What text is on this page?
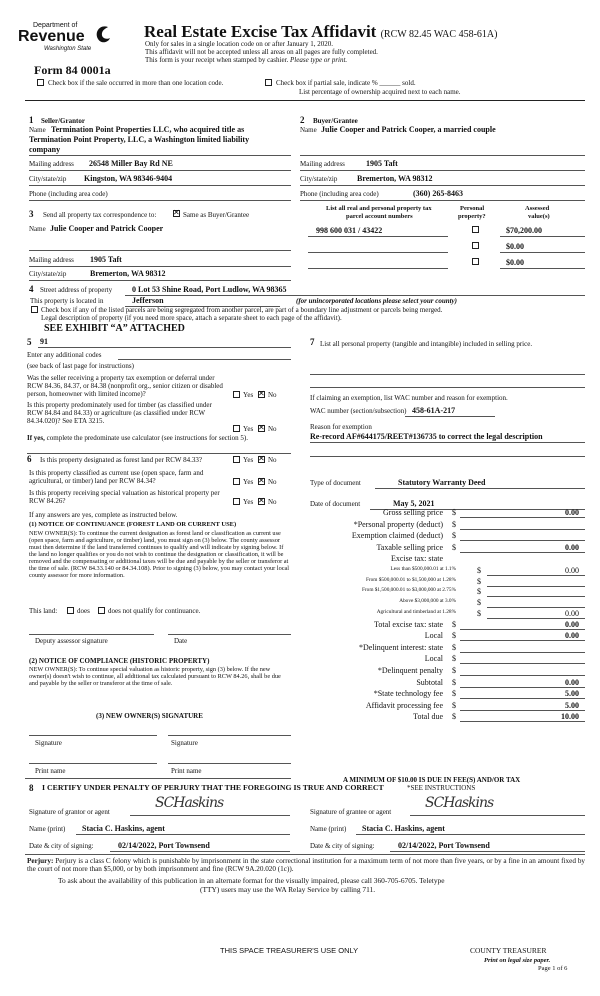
Department of
Revenue
Washington State
Form 84 0001a
Real Estate Excise Tax Affidavit (RCW 82.45 WAC 458-61A)
Only for sales in a single location code on or after January 1, 2020.
This affidavit will not be accepted unless all areas on all pages are fully completed.
This form is your receipt when stamped by cashier. Please type or print.
Check box if the sale occurred in more than one location code.	Check box if partial sale, indicate % ______ sold.
List percentage of ownership acquired next to each name.
1 Seller/Grantor
Name Termination Point Properties LLC, who acquired title as
Termination Point Property, LLC, a Washington limited liability
company
Mailing address 26548 Miller Bay Rd NE
City/state/zip Kingston, WA 98346-9404
Phone (including area code)
2 Buyer/Grantee
Name Julie Cooper and Patrick Cooper, a married couple
Mailing address	1905 Taft
City/state/zip Bremerton, WA 98312
Phone (including area code)	(360) 265-8463
3 Send all property tax correspondence to: ✕	Same as Buyer/Grantee
Name Julie Cooper and Patrick Cooper
Mailing address 1905 Taft
City/state/zip	Bremerton, WA 98312
List all real and personal property tax
parcel account numbers
Personal
property?
Assessed
value(s)
998 600 031 / 43422	$70,200.00
$0.00
$0.00
4 Street address of property 0 Lot 53 Shine Road, Port Ludlow, WA 98365
This property is located in	Jefferson	(for unincorporated locations please select your county)
Check box if any of the listed parcels are being segregated from another parcel, are part of a boundary line adjustment or parcels being merged.
Legal description of property (if you need more space, attach a separate sheet to each page of the affidavit).
SEE EXHIBIT “A” ATTACHED
5 91
Enter any additional codes
(see back of last page for instructions)
Was the seller receiving a property tax exemption or deferral under RCW 84.36, 84.37, or 84.38 (nonprofit org., senior citizen or disabled person, homeowner with limited income)?	Yes ✕ No
Is this property predominately used for timber (as classified under RCW 84.84 and 84.33) or agriculture (as classified under RCW 84.34.020)? See ETA 3215.
Yes ✕ No
If yes, complete the predominate use calculator (see instructions for section 5).
6 Is this property designated as forest land per RCW 84.33?	Yes ✕ No
Is this property classified as current use (open space, farm and agricultural, or timber) land per RCW 84.34?	Yes ✕ No
Is this property receiving special valuation as historical property per RCW 84.26?	Yes ✕ No
If any answers are yes, complete as instructed below.
(1) NOTICE OF CONTINUANCE (FOREST LAND OR CURRENT USE)
NEW OWNER(S): To continue the current designation as forest land or classification as current use (open space, farm and agriculture, or timber) land, you must sign on (3) below. The county assessor must then determine if the land transferred continues to qualify and will indicate by signing below. If the land no longer qualifies or you do not wish to continue the designation or classification, it will be removed and the compensating or additional taxes will be due and payable by the seller or transferor at the time of sale. (RCW 84.33.140 or 84.34.108). Prior to signing (3) below, you may contact your local county assessor for more information.
This land:	does	does not qualify for continuance.
Deputy assessor signature	Date
(2) NOTICE OF COMPLIANCE (HISTORIC PROPERTY)
NEW OWNER(S): To continue special valuation as historic property, sign (3) below. If the new owner(s) doesn't wish to continue, all additional tax calculated pursuant to RCW 84.26, shall be due and payable by the seller or transferor at the time of sale.
(3) NEW OWNER(S) SIGNATURE
Signature	Signature
Print name	Print name
7 List all personal property (tangible and intangible) included in selling price.
If claiming an exemption, list WAC number and reason for exemption.
WAC number (section/subsection) 458-61A-217
Reason for exemption
Re-record AF#644175/REET#136735 to correct the legal description
Type of document	Statutory Warranty Deed
Date of document	May 5, 2021
Gross selling price $	0.00
*Personal property (deduct) $
Exemption claimed (deduct) $
Taxable selling price $	0.00
Excise tax: state
Less than $500,000.01 at 1.1%	$	0.00
From $500,000.01 to $1,500,000 at 1.28%	$
From $1,500,000.01 to $3,000,000 at 2.75%	$
Above $3,000,000 at 3.0%	$
Agricultural and timberland at 1.28%	$	0.00
Total excise tax: state $	0.00
Local $	0.00
*Delinquent interest: state $
Local $
*Delinquent penalty $
Subtotal $	0.00
*State technology fee $	5.00
Affidavit processing fee $	5.00
Total due $	10.00
A MINIMUM OF $10.00 IS DUE IN FEE(S) AND/OR TAX
*SEE INSTRUCTIONS
8 I CERTIFY UNDER PENALTY OF PERJURY THAT THE FOREGOING IS TRUE AND CORRECT
Signature of grantor or agent
SCHaskins
Name (print) Stacia C. Haskins, agent
Date & city of signing:	02/14/2022, Port Townsend
Signature of grantee or agent
SCHaskins
Name (print) Stacia C. Haskins, agent
Date & city of signing:	02/14/2022, Port Townsend
Perjury: Perjury is a class C felony which is punishable by imprisonment in the state correctional institution for a maximum term of not more than five years, or by a fine in an amount fixed by the court of not more than $5,000, or by both imprisonment and fine (RCW 9A.20.020 (1c)).
To ask about the availability of this publication in an alternate format for the visually impaired, please call 360-705-6705. Teletype
(TTY) users may use the WA Relay Service by calling 711.
THIS SPACE TREASURER'S USE ONLY	COUNTY TREASURER
Print on legal size paper.
Page 1 of 6
